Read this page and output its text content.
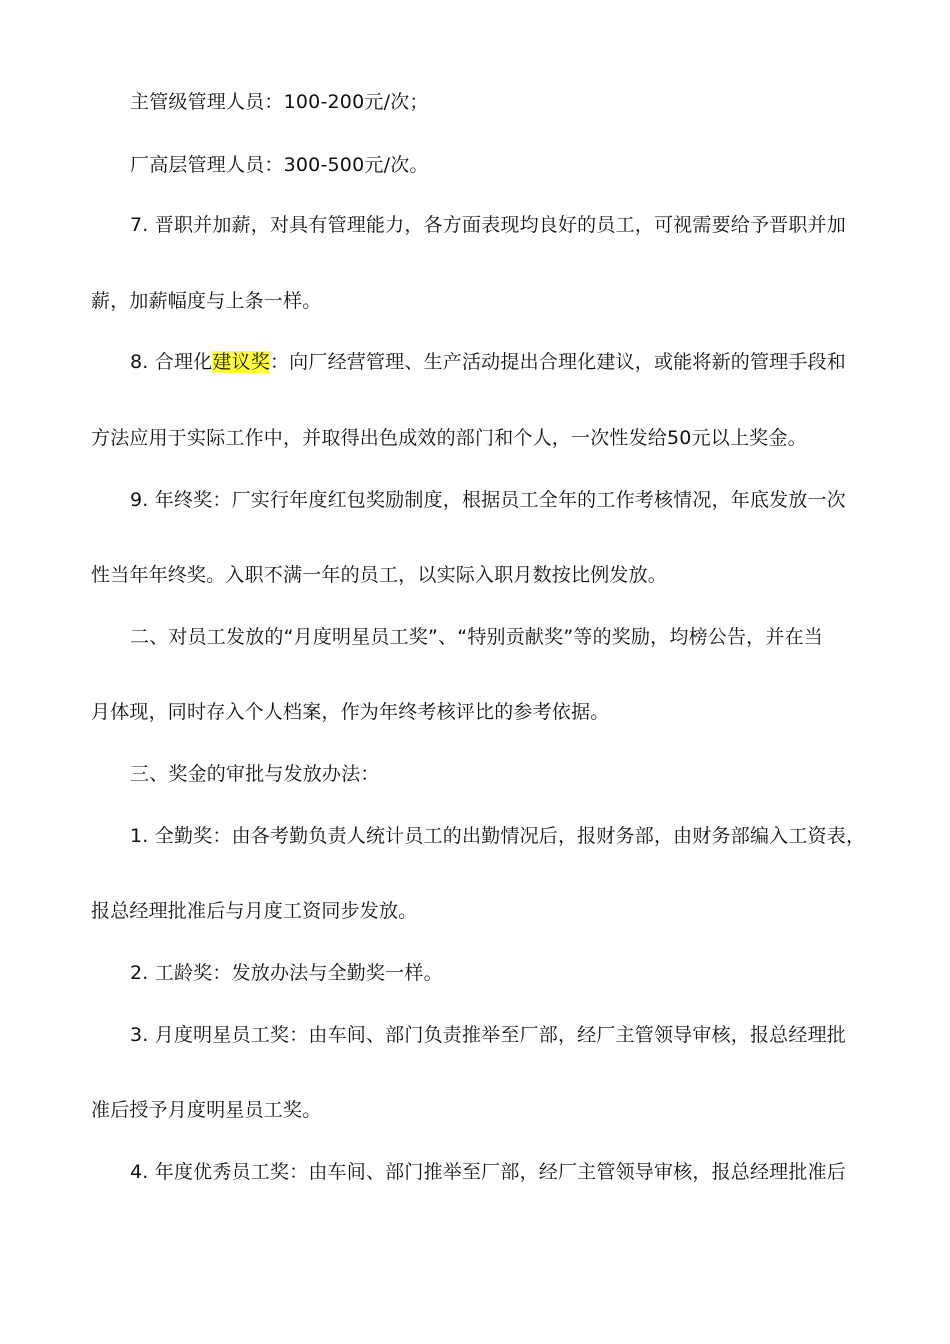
主管级管理人员：100-200元/次；
厂高层管理人员：300-500元/次。
7. 晋职并加薪，对具有管理能力，各方面表现均良好的员工，可视需要给予晋职并加
薪，加薪幅度与上条一样。
8. 合理化建议奖：向厂经营管理、生产活动提出合理化建议，或能将新的管理手段和
方法应用于实际工作中，并取得出色成效的部门和个人，一次性发给50元以上奖金。
9. 年终奖：厂实行年度红包奖励制度，根据员工全年的工作考核情况，年底发放一次
性当年年终奖。入职不满一年的员工，以实际入职月数按比例发放。
二、对员工发放的“月度明星员工奖”、“特别贡献奖”等的奖励，均榜公告，并在当
月体现，同时存入个人档案，作为年终考核评比的参考依据。
三、奖金的审批与发放办法：
1. 全勤奖：由各考勤负责人统计员工的出勤情况后，报财务部，由财务部编入工资表，
报总经理批准后与月度工资同步发放。
2. 工龄奖：发放办法与全勤奖一样。
3. 月度明星员工奖：由车间、部门负责推举至厂部，经厂主管领导审核，报总经理批
准后授予月度明星员工奖。
4. 年度优秀员工奖：由车间、部门推举至厂部，经厂主管领导审核，报总经理批准后
